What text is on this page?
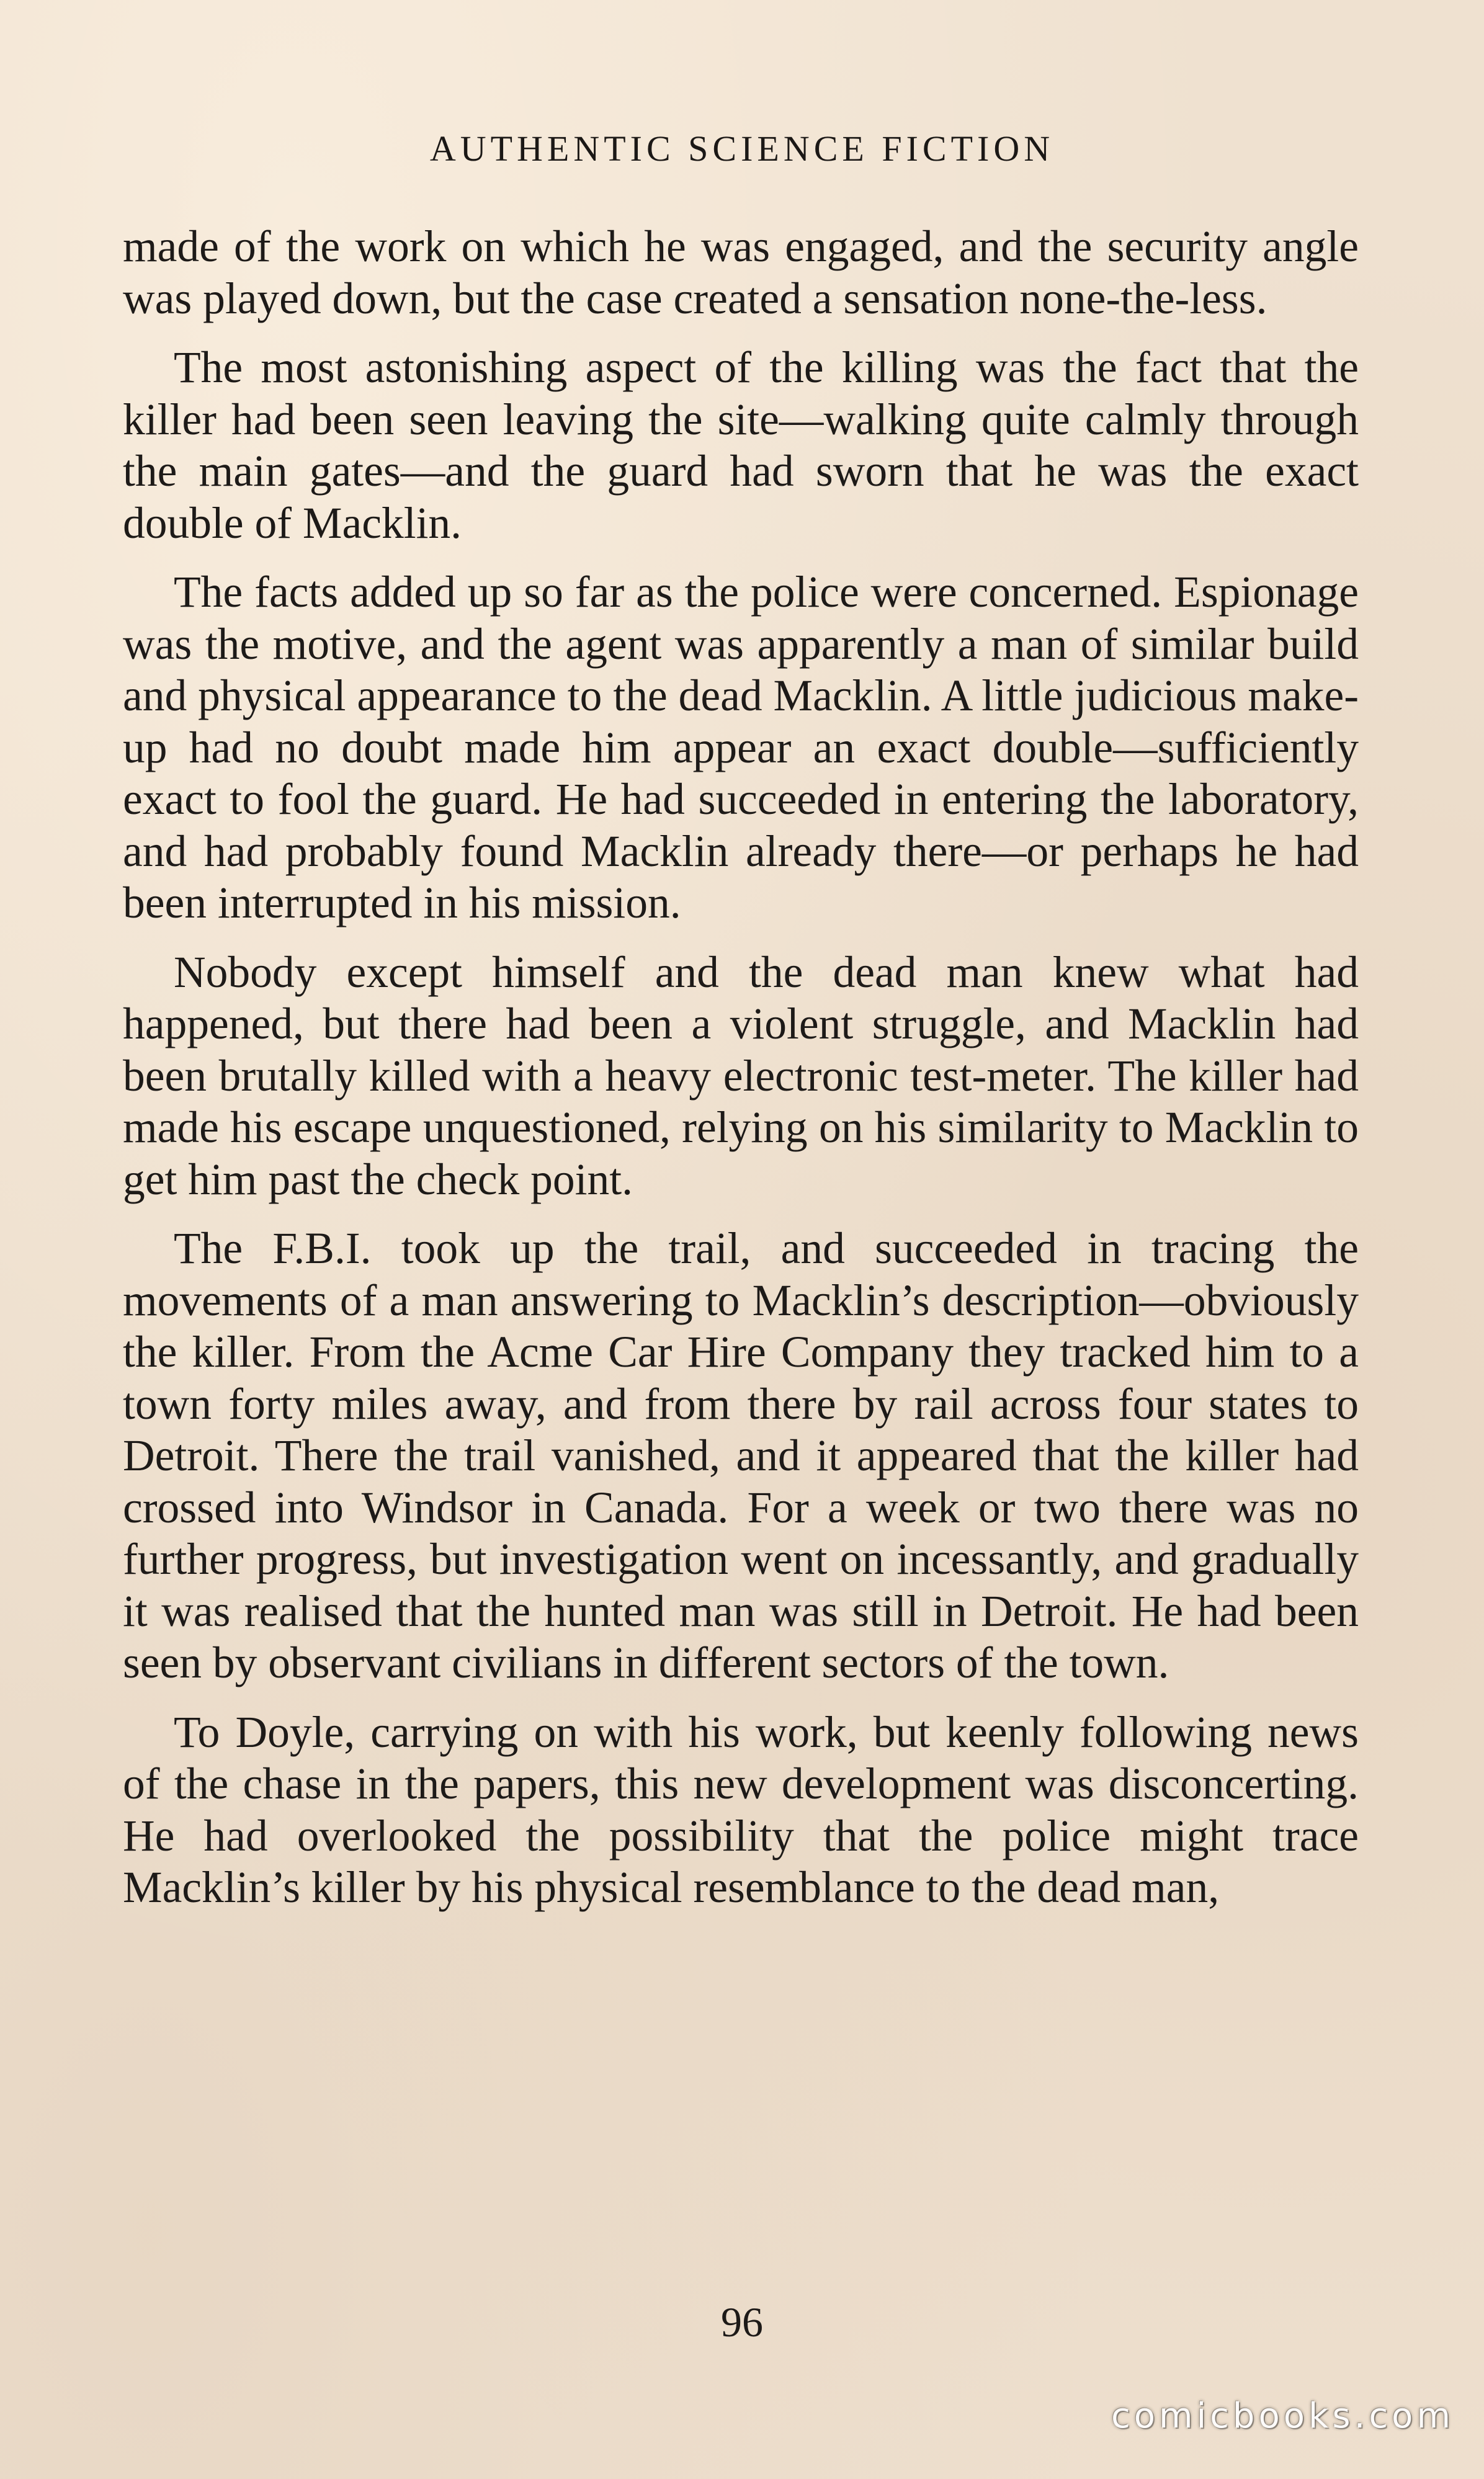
AUTHENTIC SCIENCE FICTION

made of the work on which he was engaged, and the security angle was played down, but the case created a sensation none-the-less.

The most astonishing aspect of the killing was the fact that the killer had been seen leaving the site—walking quite calmly through the main gates—and the guard had sworn that he was the exact double of Macklin.

The facts added up so far as the police were concerned. Espionage was the motive, and the agent was apparently a man of similar build and physical appearance to the dead Macklin. A little judicious make-up had no doubt made him appear an exact double—sufficiently exact to fool the guard. He had succeeded in entering the laboratory, and had probably found Macklin already there—or perhaps he had been interrupted in his mission.

Nobody except himself and the dead man knew what had happened, but there had been a violent struggle, and Macklin had been brutally killed with a heavy electronic test-meter. The killer had made his escape unquestioned, relying on his similarity to Macklin to get him past the check point.

The F.B.I. took up the trail, and succeeded in tracing the movements of a man answering to Macklin’s description—obviously the killer. From the Acme Car Hire Company they tracked him to a town forty miles away, and from there by rail across four states to Detroit. There the trail vanished, and it appeared that the killer had crossed into Windsor in Canada. For a week or two there was no further progress, but investigation went on incessantly, and gradually it was realised that the hunted man was still in Detroit. He had been seen by observant civilians in different sectors of the town.

To Doyle, carrying on with his work, but keenly following news of the chase in the papers, this new development was disconcerting. He had overlooked the possibility that the police might trace Macklin’s killer by his physical resemblance to the dead man,

96
comicbooks.com
